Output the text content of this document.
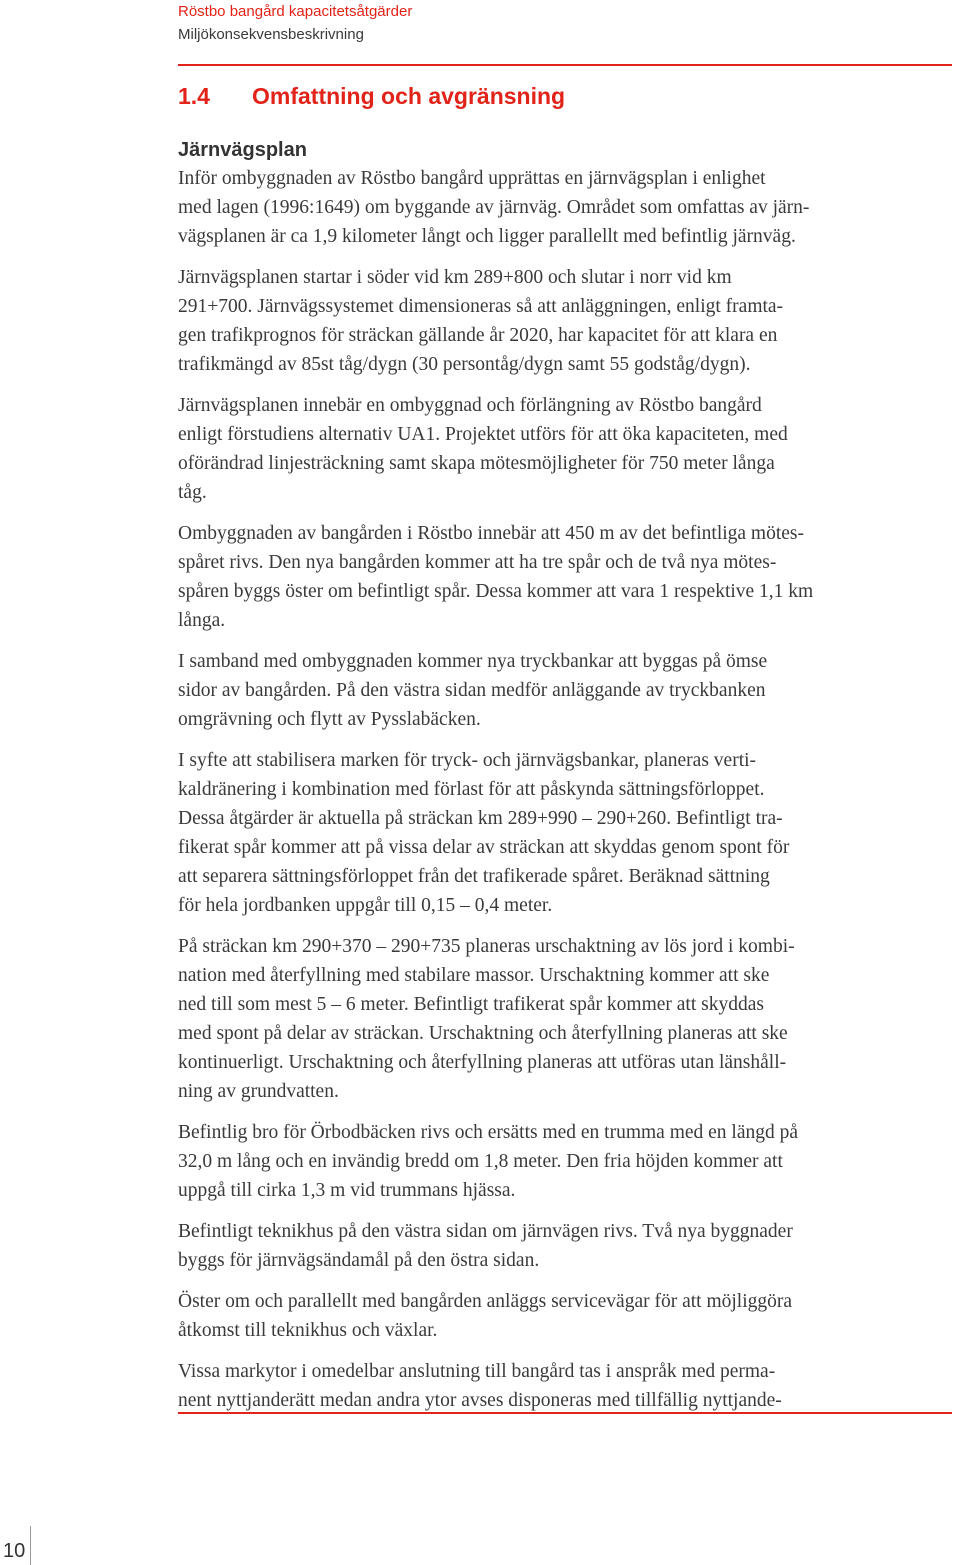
Röstbo bangård kapacitetsåtgärder
Miljökonsekvensbeskrivning
1.4 Omfattning och avgränsning
Järnvägsplan
Inför ombyggnaden av Röstbo bangård upprättas en järnvägsplan i enlighet
med lagen (1996:1649) om byggande av järnväg. Området som omfattas av järn-
vägsplanen är ca 1,9 kilometer långt och ligger parallellt med befintlig järnväg.
Järnvägsplanen startar i söder vid km 289+800 och slutar i norr vid km
291+700. Järnvägssystemet dimensioneras så att anläggningen, enligt framta-
gen trafikprognos för sträckan gällande år 2020, har kapacitet för att klara en
trafikmängd av 85st tåg/dygn (30 persontåg/dygn samt 55 godståg/dygn).
Järnvägsplanen innebär en ombyggnad och förlängning av Röstbo bangård
enligt förstudiens alternativ UA1. Projektet utförs för att öka kapaciteten, med
oförändrad linjesträckning samt skapa mötesmöjligheter för 750 meter långa
tåg.
Ombyggnaden av bangården i Röstbo innebär att 450 m av det befintliga mötes-
spåret rivs. Den nya bangården kommer att ha tre spår och de två nya mötes-
spåren byggs öster om befintligt spår. Dessa kommer att vara 1 respektive 1,1 km
långa.
I samband med ombyggnaden kommer nya tryckbankar att byggas på ömse
sidor av bangården. På den västra sidan medför anläggande av tryckbanken
omgrävning och flytt av Pysslabäcken.
I syfte att stabilisera marken för tryck- och järnvägsbankar, planeras verti-
kaldränering i kombination med förlast för att påskynda sättningsförloppet.
Dessa åtgärder är aktuella på sträckan km 289+990 – 290+260. Befintligt tra-
fikerat spår kommer att på vissa delar av sträckan att skyddas genom spont för
att separera sättningsförloppet från det trafikerade spåret. Beräknad sättning
för hela jordbanken uppgår till 0,15 – 0,4 meter.
På sträckan km 290+370 – 290+735 planeras urschaktning av lös jord i kombi-
nation med återfyllning med stabilare massor. Urschaktning kommer att ske
ned till som mest 5 – 6 meter. Befintligt trafikerat spår kommer att skyddas
med spont på delar av sträckan. Urschaktning och återfyllning planeras att ske
kontinuerligt. Urschaktning och återfyllning planeras att utföras utan länshåll-
ning av grundvatten.
Befintlig bro för Örbodbäcken rivs och ersätts med en trumma med en längd på
32,0 m lång och en invändig bredd om 1,8 meter. Den fria höjden kommer att
uppgå till cirka 1,3 m vid trummans hjässa.
Befintligt teknikhus på den västra sidan om järnvägen rivs. Två nya byggnader
byggs för järnvägsändamål på den östra sidan.
Öster om och parallellt med bangården anläggs servicevägar för att möjliggöra
åtkomst till teknikhus och växlar.
Vissa markytor i omedelbar anslutning till bangård tas i anspråk med perma-
nent nyttjanderätt medan andra ytor avses disponeras med tillfällig nyttjande-
10
